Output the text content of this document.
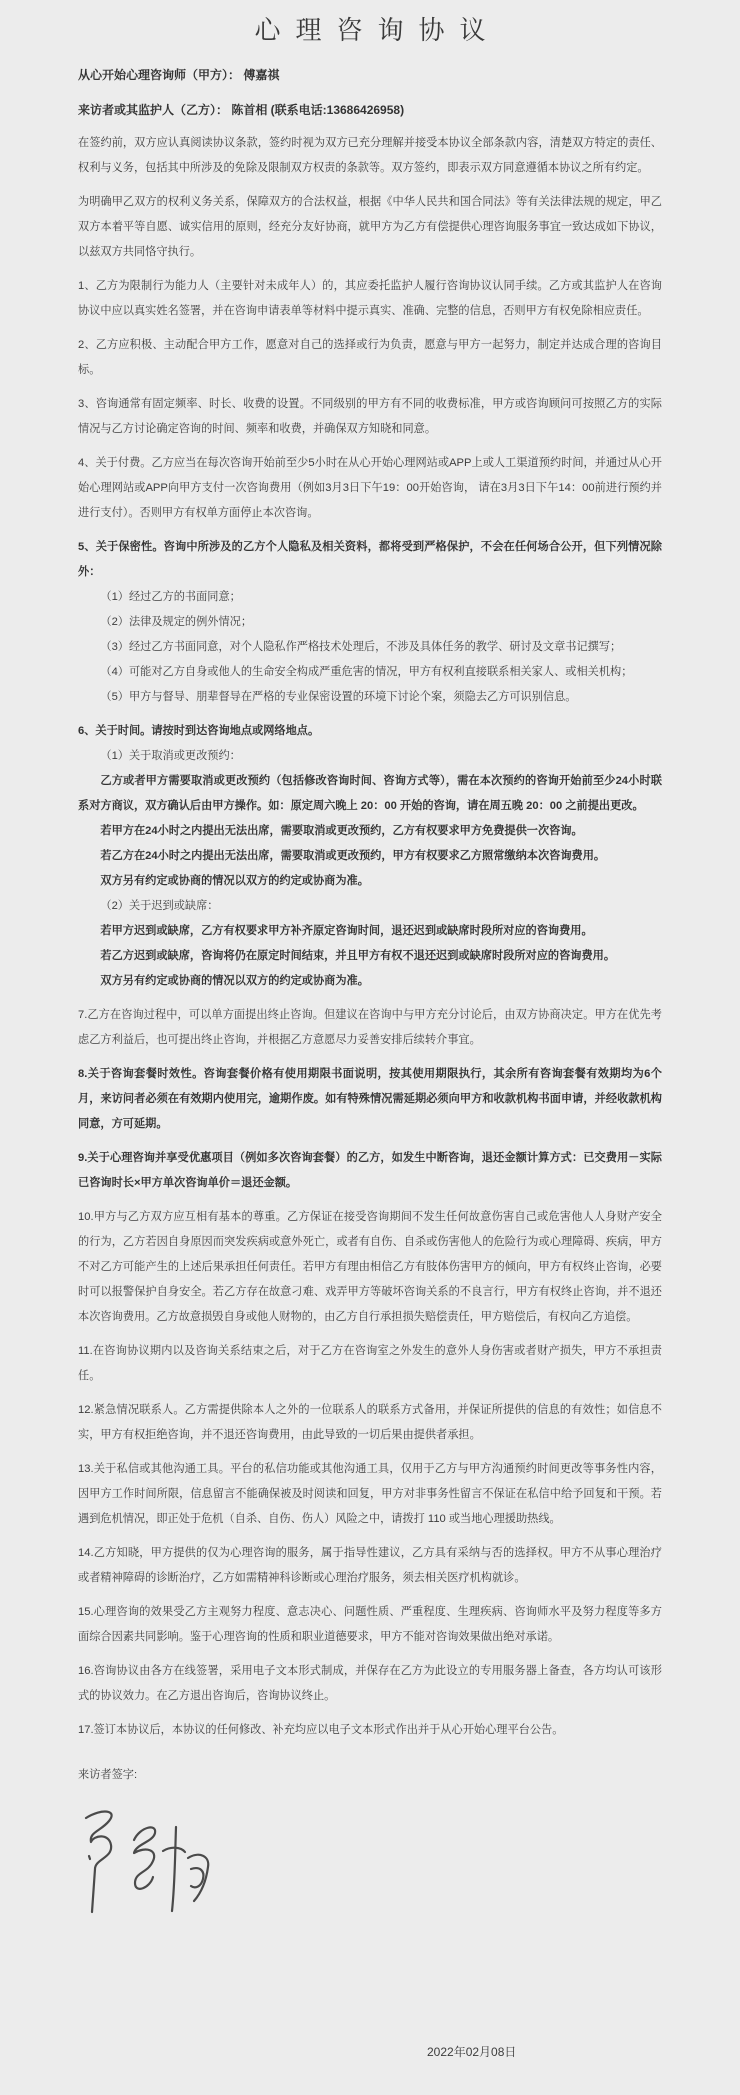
心理咨询协议

从心开始心理咨询师（甲方）： 傅嘉祺

来访者或其监护人（乙方）： 陈首相 (联系电话:13686426958)

在签约前，双方应认真阅读协议条款，签约时视为双方已充分理解并接受本协议全部条款内容，清楚双方特定的责任、权利与义务，包括其中所涉及的免除及限制双方权责的条款等。双方签约，即表示双方同意遵循本协议之所有约定。

为明确甲乙双方的权利义务关系，保障双方的合法权益，根据《中华人民共和国合同法》等有关法律法规的规定，甲乙双方本着平等自愿、诚实信用的原则，经充分友好协商，就甲方为乙方有偿提供心理咨询服务事宜一致达成如下协议，以兹双方共同恪守执行。

1、乙方为限制行为能力人（主要针对未成年人）的，其应委托监护人履行咨询协议认同手续。乙方或其监护人在咨询协议中应以真实姓名签署，并在咨询申请表单等材料中提示真实、准确、完整的信息，否则甲方有权免除相应责任。

2、乙方应积极、主动配合甲方工作，愿意对自己的选择或行为负责，愿意与甲方一起努力，制定并达成合理的咨询目标。

3、咨询通常有固定频率、时长、收费的设置。不同级别的甲方有不同的收费标准，甲方或咨询顾问可按照乙方的实际情况与乙方讨论确定咨询的时间、频率和收费，并确保双方知晓和同意。

4、关于付费。乙方应当在每次咨询开始前至少5小时在从心开始心理网站或APP上或人工渠道预约时间，并通过从心开始心理网站或APP向甲方支付一次咨询费用（例如3月3日下午19：00开始咨询， 请在3月3日下午14：00前进行预约并进行支付）。否则甲方有权单方面停止本次咨询。

5、关于保密性。咨询中所涉及的乙方个人隐私及相关资料，都将受到严格保护，不会在任何场合公开，但下列情况除外：

（1）经过乙方的书面同意；

（2）法律及规定的例外情况；

（3）经过乙方书面同意，对个人隐私作严格技术处理后，不涉及具体任务的教学、研讨及文章书记撰写；

（4）可能对乙方自身或他人的生命安全构成严重危害的情况，甲方有权利直接联系相关家人、或相关机构；

（5）甲方与督导、朋辈督导在严格的专业保密设置的环境下讨论个案，须隐去乙方可识别信息。

6、关于时间。请按时到达咨询地点或网络地点。

（1）关于取消或更改预约：

乙方或者甲方需要取消或更改预约（包括修改咨询时间、咨询方式等），需在本次预约的咨询开始前至少24小时联系对方商议，双方确认后由甲方操作。如：原定周六晚上 20：00 开始的咨询，请在周五晚 20：00 之前提出更改。

若甲方在24小时之内提出无法出席，需要取消或更改预约，乙方有权要求甲方免费提供一次咨询。

若乙方在24小时之内提出无法出席，需要取消或更改预约，甲方有权要求乙方照常缴纳本次咨询费用。

双方另有约定或协商的情况以双方的约定或协商为准。

（2）关于迟到或缺席：

若甲方迟到或缺席，乙方有权要求甲方补齐原定咨询时间，退还迟到或缺席时段所对应的咨询费用。

若乙方迟到或缺席，咨询将仍在原定时间结束，并且甲方有权不退还迟到或缺席时段所对应的咨询费用。

双方另有约定或协商的情况以双方的约定或协商为准。

7.乙方在咨询过程中，可以单方面提出终止咨询。但建议在咨询中与甲方充分讨论后，由双方协商决定。甲方在优先考虑乙方利益后，也可提出终止咨询，并根据乙方意愿尽力妥善安排后续转介事宜。

8.关于咨询套餐时效性。咨询套餐价格有使用期限书面说明，按其使用期限执行，其余所有咨询套餐有效期均为6个月，来访问者必须在有效期内使用完，逾期作废。如有特殊情况需延期必须向甲方和收款机构书面申请，并经收款机构同意，方可延期。

9.关于心理咨询并享受优惠项目（例如多次咨询套餐）的乙方，如发生中断咨询，退还金额计算方式：已交费用－实际已咨询时长×甲方单次咨询单价＝退还金额。

10.甲方与乙方双方应互相有基本的尊重。乙方保证在接受咨询期间不发生任何故意伤害自己或危害他人人身财产安全的行为，乙方若因自身原因而突发疾病或意外死亡，或者有自伤、自杀或伤害他人的危险行为或心理障碍、疾病，甲方不对乙方可能产生的上述后果承担任何责任。若甲方有理由相信乙方有肢体伤害甲方的倾向，甲方有权终止咨询，必要时可以报警保护自身安全。若乙方存在故意刁难、戏弄甲方等破坏咨询关系的不良言行，甲方有权终止咨询，并不退还本次咨询费用。乙方故意损毁自身或他人财物的，由乙方自行承担损失赔偿责任，甲方赔偿后，有权向乙方追偿。

11.在咨询协议期内以及咨询关系结束之后，对于乙方在咨询室之外发生的意外人身伤害或者财产损失，甲方不承担责任。

12.紧急情况联系人。乙方需提供除本人之外的一位联系人的联系方式备用，并保证所提供的信息的有效性；如信息不实，甲方有权拒绝咨询，并不退还咨询费用，由此导致的一切后果由提供者承担。

13.关于私信或其他沟通工具。平台的私信功能或其他沟通工具，仅用于乙方与甲方沟通预约时间更改等事务性内容，因甲方工作时间所限，信息留言不能确保被及时阅读和回复，甲方对非事务性留言不保证在私信中给予回复和干预。若遇到危机情况，即正处于危机（自杀、自伤、伤人）风险之中，请拨打 110 或当地心理援助热线。

14.乙方知晓，甲方提供的仅为心理咨询的服务，属于指导性建议，乙方具有采纳与否的选择权。甲方不从事心理治疗或者精神障碍的诊断治疗，乙方如需精神科诊断或心理治疗服务，须去相关医疗机构就诊。

15.心理咨询的效果受乙方主观努力程度、意志决心、问题性质、严重程度、生理疾病、咨询师水平及努力程度等多方面综合因素共同影响。鉴于心理咨询的性质和职业道德要求，甲方不能对咨询效果做出绝对承诺。

16.咨询协议由各方在线签署，采用电子文本形式制成，并保存在乙方为此设立的专用服务器上备查，各方均认可该形式的协议效力。在乙方退出咨询后，咨询协议终止。

17.签订本协议后，本协议的任何修改、补充均应以电子文本形式作出并于从心开始心理平台公告。

来访者签字:

2022年02月08日
